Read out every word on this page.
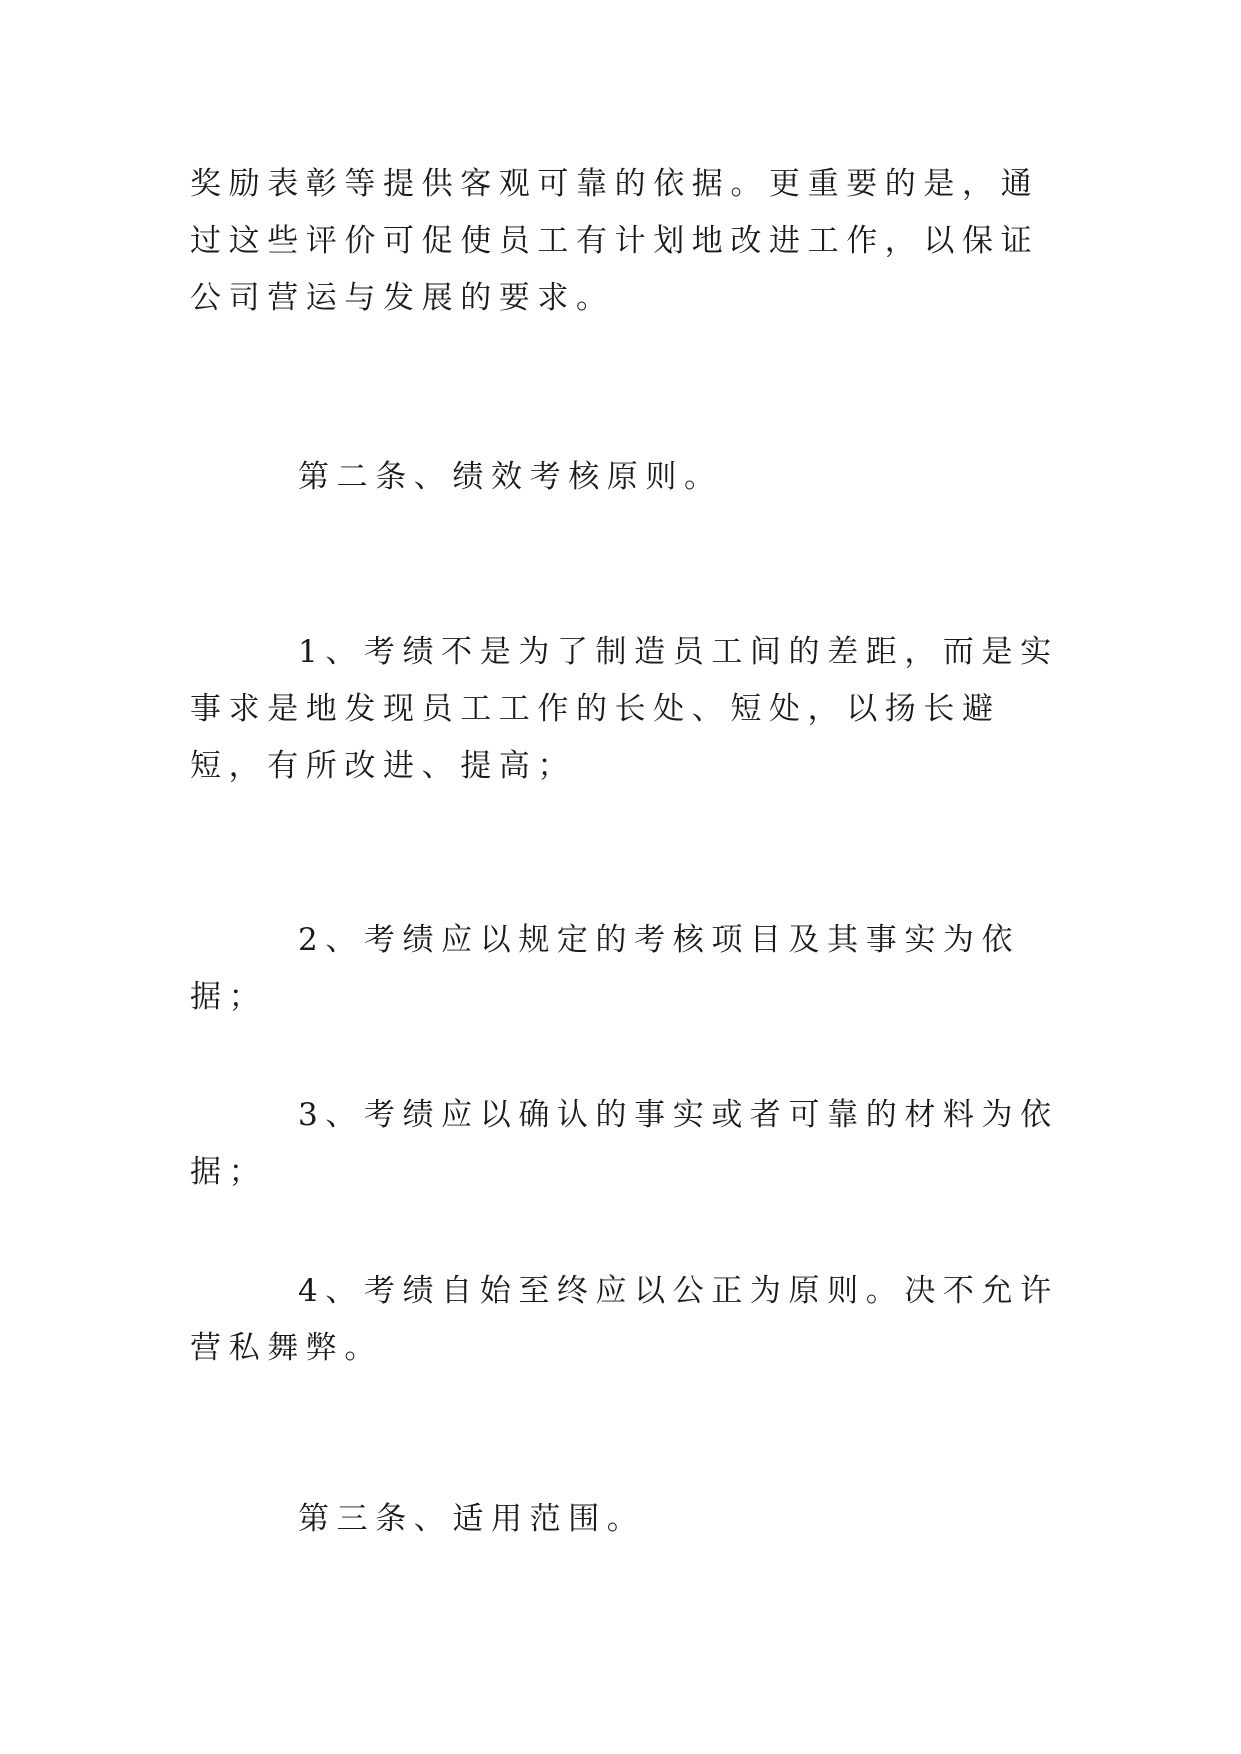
奖励表彰等提供客观可靠的依据。更重要的是，通过这些评价可促使员工有计划地改进工作，以保证公司营运与发展的要求。

第二条、绩效考核原则。

1、考绩不是为了制造员工间的差距，而是实事求是地发现员工工作的长处、短处，以扬长避短，有所改进、提高；

2、考绩应以规定的考核项目及其事实为依据；

3、考绩应以确认的事实或者可靠的材料为依据；

4、考绩自始至终应以公正为原则。决不允许营私舞弊。

第三条、适用范围。
